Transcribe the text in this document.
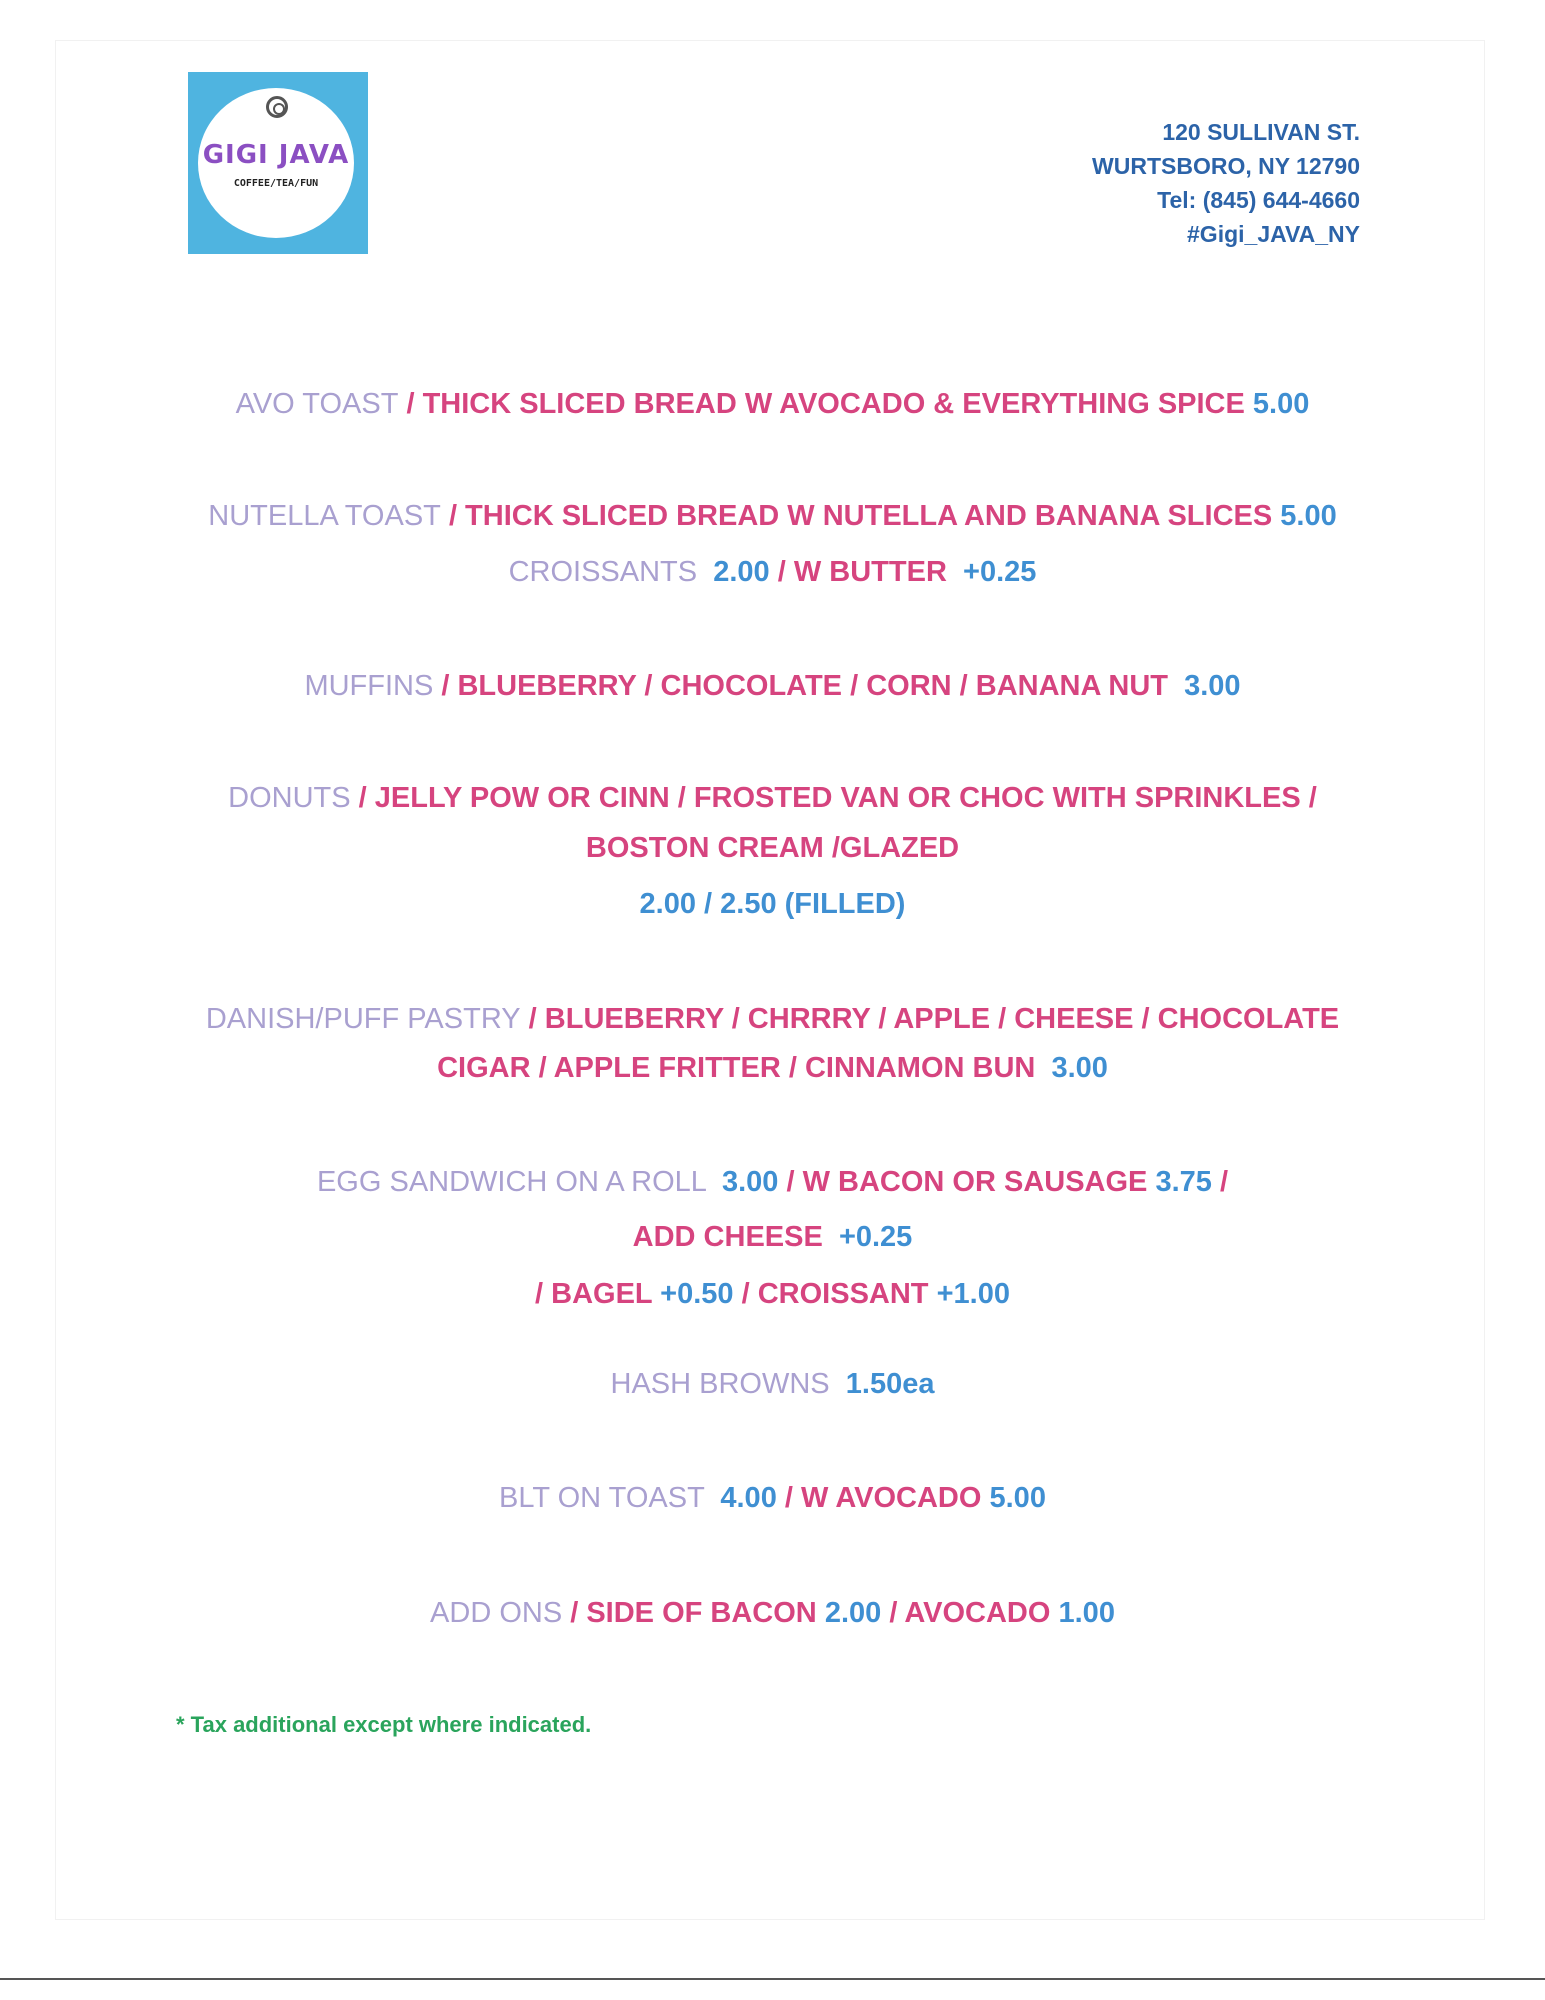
GIGI JAVA
COFFEE/TEA/FUN
120 SULLIVAN ST.
WURTSBORO, NY 12790
Tel: (845) 644-4660
#Gigi_JAVA_NY
AVO TOAST / THICK SLICED BREAD W AVOCADO & EVERYTHING SPICE 5.00
NUTELLA TOAST / THICK SLICED BREAD W NUTELLA AND BANANA SLICES 5.00
CROISSANTS 2.00 / W BUTTER  +0.25
MUFFINS / BLUEBERRY / CHOCOLATE / CORN / BANANA NUT  3.00
DONUTS / JELLY POW OR CINN / FROSTED VAN OR CHOC WITH SPRINKLES /
BOSTON CREAM /GLAZED
2.00 / 2.50 (FILLED)
DANISH/PUFF PASTRY / BLUEBERRY / CHRRRY / APPLE / CHEESE / CHOCOLATE
CIGAR / APPLE FRITTER / CINNAMON BUN  3.00
EGG SANDWICH ON A ROLL  3.00 / W BACON OR SAUSAGE 3.75 /
ADD CHEESE  +0.25
/ BAGEL +0.50 / CROISSANT +1.00
HASH BROWNS  1.50ea
BLT ON TOAST  4.00 / W AVOCADO 5.00
ADD ONS / SIDE OF BACON 2.00 / AVOCADO 1.00
* Tax additional except where indicated.
